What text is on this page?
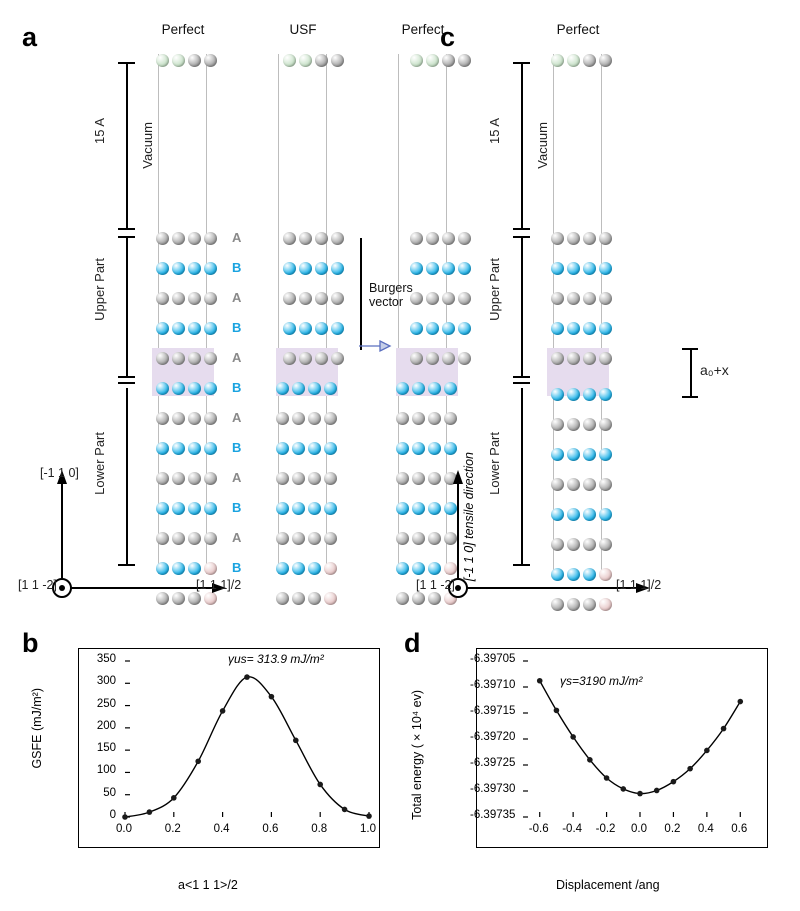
a	c
b	d
Perfect	USF	Perfect
15 A	Vacuum
Upper Part
Lower Part
A
B
A
B
A
B
A
B
A
B
A
B
Burgers
vector
[-1 1 0]
[1 1 -2]	[1 1 1]/2
Perfect
15 A	Vacuum
Upper Part
Lower Part
a₀+x
[-1 1 0] tensile direction
[1 1 -2]	[1 1 1]/2
GSFE (mJ/m²)
a<1 1 1>/2
γus= 313.9 mJ/m²
0
50
100
150
200
250
300
350
0.0	0.2	0.4	0.6	0.8	1.0
Total energy (×10⁴ ev)
Displacement /ang
γs=3190 mJ/m²
-6.39735
-6.39730
-6.39725
-6.39720
-6.39715
-6.39710
-6.39705
-0.6	-0.4	-0.2	0.0	0.2	0.4	0.6
